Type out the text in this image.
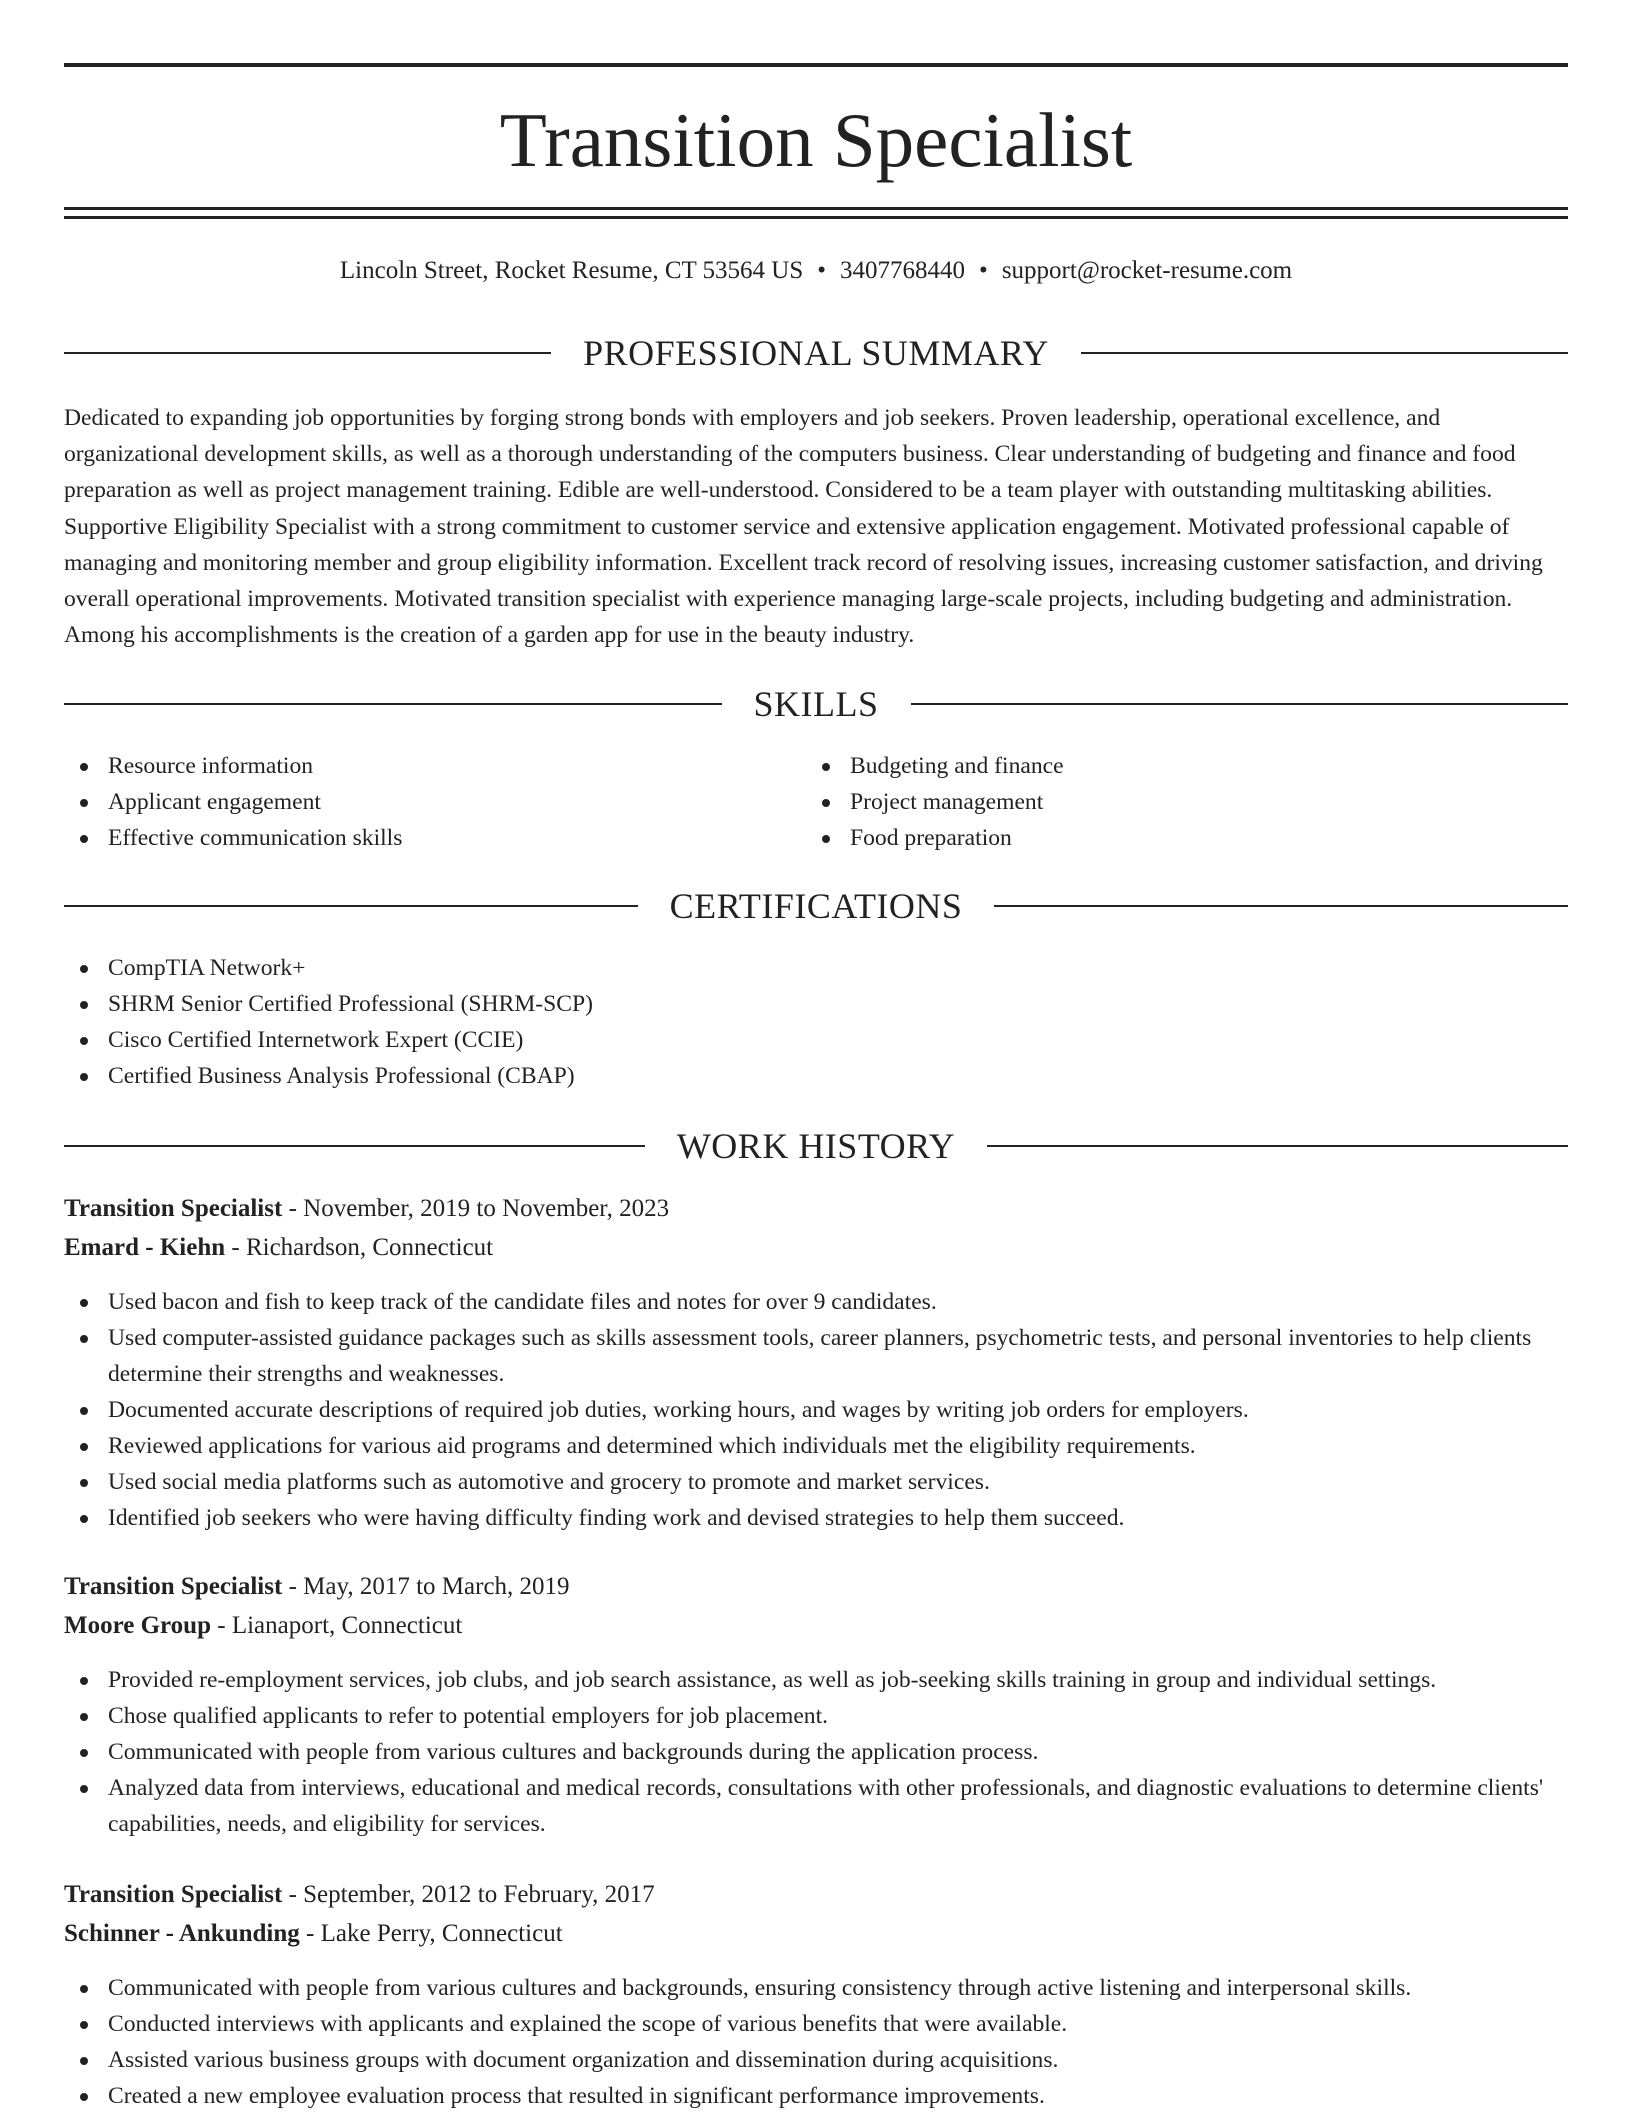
Transition Specialist
Lincoln Street, Rocket Resume, CT 53564 US • 3407768440 • support@rocket-resume.com
PROFESSIONAL SUMMARY

Dedicated to expanding job opportunities by forging strong bonds with employers and job seekers. Proven leadership, operational excellence, and organizational development skills, as well as a thorough understanding of the computers business. Clear understanding of budgeting and finance and food preparation as well as project management training. Edible are well-understood. Considered to be a team player with outstanding multitasking abilities. Supportive Eligibility Specialist with a strong commitment to customer service and extensive application engagement. Motivated professional capable of managing and monitoring member and group eligibility information. Excellent track record of resolving issues, increasing customer satisfaction, and driving overall operational improvements. Motivated transition specialist with experience managing large-scale projects, including budgeting and administration. Among his accomplishments is the creation of a garden app for use in the beauty industry.

SKILLS
Resource information
Applicant engagement
Effective communication skills
Budgeting and finance
Project management
Food preparation
CERTIFICATIONS
CompTIA Network+
SHRM Senior Certified Professional (SHRM-SCP)
Cisco Certified Internetwork Expert (CCIE)
Certified Business Analysis Professional (CBAP)
WORK HISTORY
Transition Specialist - November, 2019 to November, 2023
Emard - Kiehn - Richardson, Connecticut
Used bacon and fish to keep track of the candidate files and notes for over 9 candidates.
Used computer-assisted guidance packages such as skills assessment tools, career planners, psychometric tests, and personal inventories to help clients determine their strengths and weaknesses.
Documented accurate descriptions of required job duties, working hours, and wages by writing job orders for employers.
Reviewed applications for various aid programs and determined which individuals met the eligibility requirements.
Used social media platforms such as automotive and grocery to promote and market services.
Identified job seekers who were having difficulty finding work and devised strategies to help them succeed.
Transition Specialist - May, 2017 to March, 2019
Moore Group - Lianaport, Connecticut
Provided re-employment services, job clubs, and job search assistance, as well as job-seeking skills training in group and individual settings.
Chose qualified applicants to refer to potential employers for job placement.
Communicated with people from various cultures and backgrounds during the application process.
Analyzed data from interviews, educational and medical records, consultations with other professionals, and diagnostic evaluations to determine clients' capabilities, needs, and eligibility for services.
Transition Specialist - September, 2012 to February, 2017
Schinner - Ankunding - Lake Perry, Connecticut
Communicated with people from various cultures and backgrounds, ensuring consistency through active listening and interpersonal skills.
Conducted interviews with applicants and explained the scope of various benefits that were available.
Assisted various business groups with document organization and dissemination during acquisitions.
Created a new employee evaluation process that resulted in significant performance improvements.
